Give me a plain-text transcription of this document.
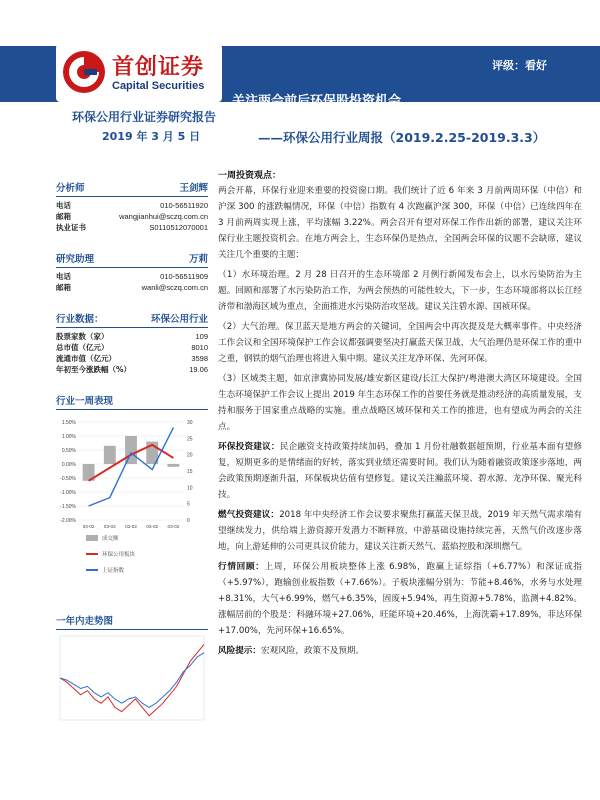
首创证券
Capital Securities
评级：看好
关注两会前后环保股投资机会
环保公用行业证券研究报告
2019 年 3 月 5 日	——环保公用行业周报（2019.2.25-2019.3.3）
分析师	王剑辉
电话	010-56511920
邮箱	wangjianhui@sczq.com.cn
执业证书	S0110512070001
研究助理	万莉
电话	010-56511909
邮箱	wanli@sczq.com.cn
行业数据：	环保公用行业
股票家数（家）	109
总市值（亿元）	8010
流通市值（亿元）	3598
年初至今涨跌幅（%）	19.06
行业一周表现
1.50%
1.00%
0.50%
0.00%
-0.50%
-1.00%
-1.50%
-2.00%
30
25
20
15
10
5
0
03-02 03-02 03-02 03-02 03-02
成交额
环保公用板块
上证指数
一年内走势图
一周投资观点：
两会开幕，环保行业迎来重要的投资窗口期。我们统计了近 6 年来 3 月前两周环保（中信）和沪深 300 的涨跌幅情况，环保（中信）指数有 4 次跑赢沪深 300，环保（中信）已连续四年在 3 月前两周实现上涨，平均涨幅 3.22%。两会召开有望对环保工作作出新的部署，建议关注环保行业主题投资机会。在地方两会上，生态环保仍是热点，全国两会环保的议题不会缺席，建议关注几个重要的主题：
（1）水环境治理。2 月 28 日召开的生态环境部 2 月例行新闻发布会上，以水污染防治为主题。回顾和部署了水污染防治工作，为两会预热的可能性较大，下一步，生态环境部将以长江经济带和渤海区域为重点，全面推进水污染防治攻坚战。建议关注碧水源、国祯环保。
（2）大气治理。保卫蓝天是地方两会的关键词，全国两会中再次提及是大概率事件。中央经济工作会议和全国环境保护工作会议都强调要坚决打赢蓝天保卫战，大气治理仍是环保工作的重中之重，钢铁的烟气治理也将进入集中期。建议关注龙净环保、先河环保。
（3）区域类主题，如京津冀协同发展/雄安新区建设/长江大保护/粤港澳大湾区环境建设。全国生态环境保护工作会议上提出 2019 年生态环保工作的首要任务就是推动经济的高质量发展，支持和服务于国家重点战略的实施。重点战略区域环保和关工作的推进，也有望成为两会的关注点。
环保投资建议：民企融资支持政策持续加码，叠加 1 月份社融数据超预期，行业基本面有望修复，短期更多的是情绪面的好转，落实到业绩还需要时间。我们认为随着融资政策逐步落地，两会政策预期逐渐升温，环保板块估值有望修复。建议关注瀚蓝环境、碧水源、龙净环保、聚光科技。
燃气投资建议：2018 年中央经济工作会议要求聚焦打赢蓝天保卫战，2019 年天然气需求端有望继续发力，供给端上游资源开发潜力不断释放，中游基础设施持续完善，天然气价改逐步落地，向上游延伸的公司更具议价能力，建议关注新天然气、蓝焰控股和深圳燃气。
行情回顾：上周，环保公用板块整体上涨 6.98%，跑赢上证综指（+6.77%）和深证成指（+5.97%），跑输创业板指数（+7.66%）。子板块涨幅分别为：节能+8.46%，水务与水处理+8.31%，大气+6.99%，燃气+6.35%，固废+5.94%，再生资源+5.78%，监测+4.82%。涨幅居前的个股是：科融环境+27.06%，旺能环境+20.46%，上海洗霸+17.89%，菲达环保+17.00%，先河环保+16.65%。
风险提示：宏观风险，政策不及预期。
